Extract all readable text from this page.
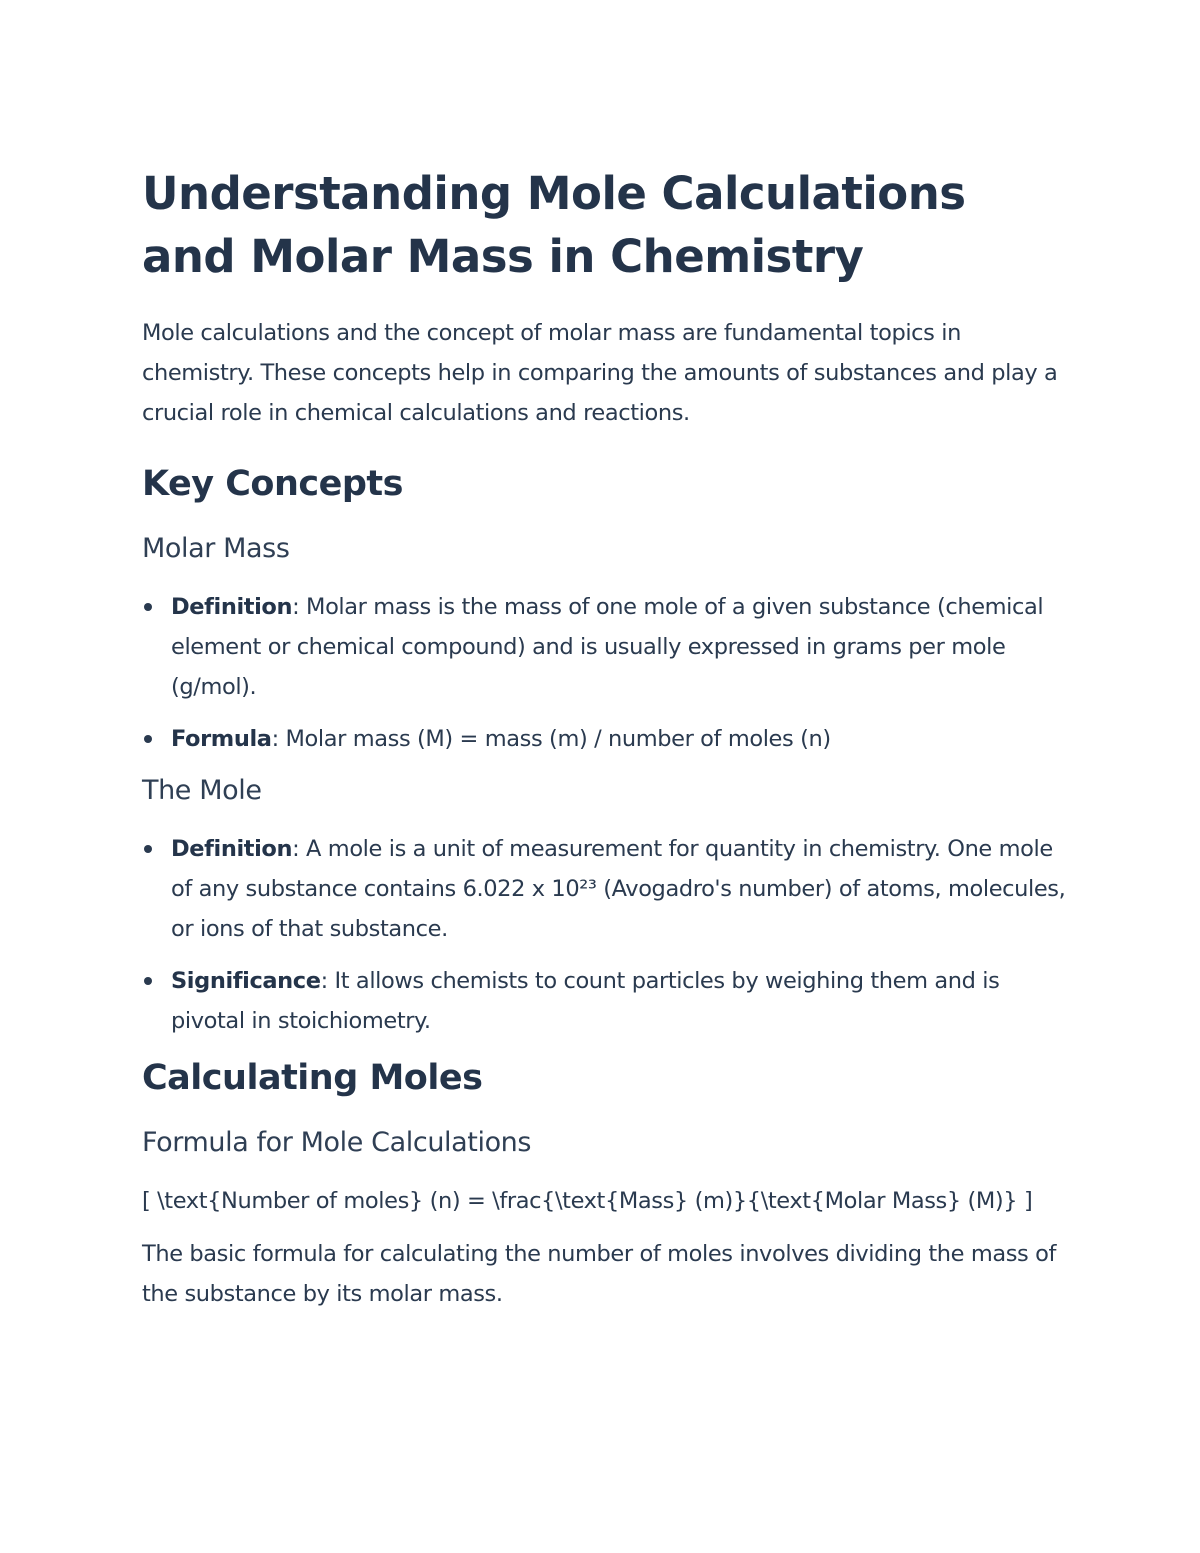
Understanding Mole Calculations and Molar Mass in Chemistry

Mole calculations and the concept of molar mass are fundamental topics in chemistry. These concepts help in comparing the amounts of substances and play a crucial role in chemical calculations and reactions.

Key Concepts
Molar Mass
Definition: Molar mass is the mass of one mole of a given substance (chemical element or chemical compound) and is usually expressed in grams per mole (g/mol).
Formula: Molar mass (M) = mass (m) / number of moles (n)
The Mole
Definition: A mole is a unit of measurement for quantity in chemistry. One mole of any substance contains 6.022 x 10²³ (Avogadro's number) of atoms, molecules, or ions of that substance.
Significance: It allows chemists to count particles by weighing them and is pivotal in stoichiometry.
Calculating Moles
Formula for Mole Calculations

[ \text{Number of moles} (n) = \frac{\text{Mass} (m)}{\text{Molar Mass} (M)} ]

The basic formula for calculating the number of moles involves dividing the mass of the substance by its molar mass.
